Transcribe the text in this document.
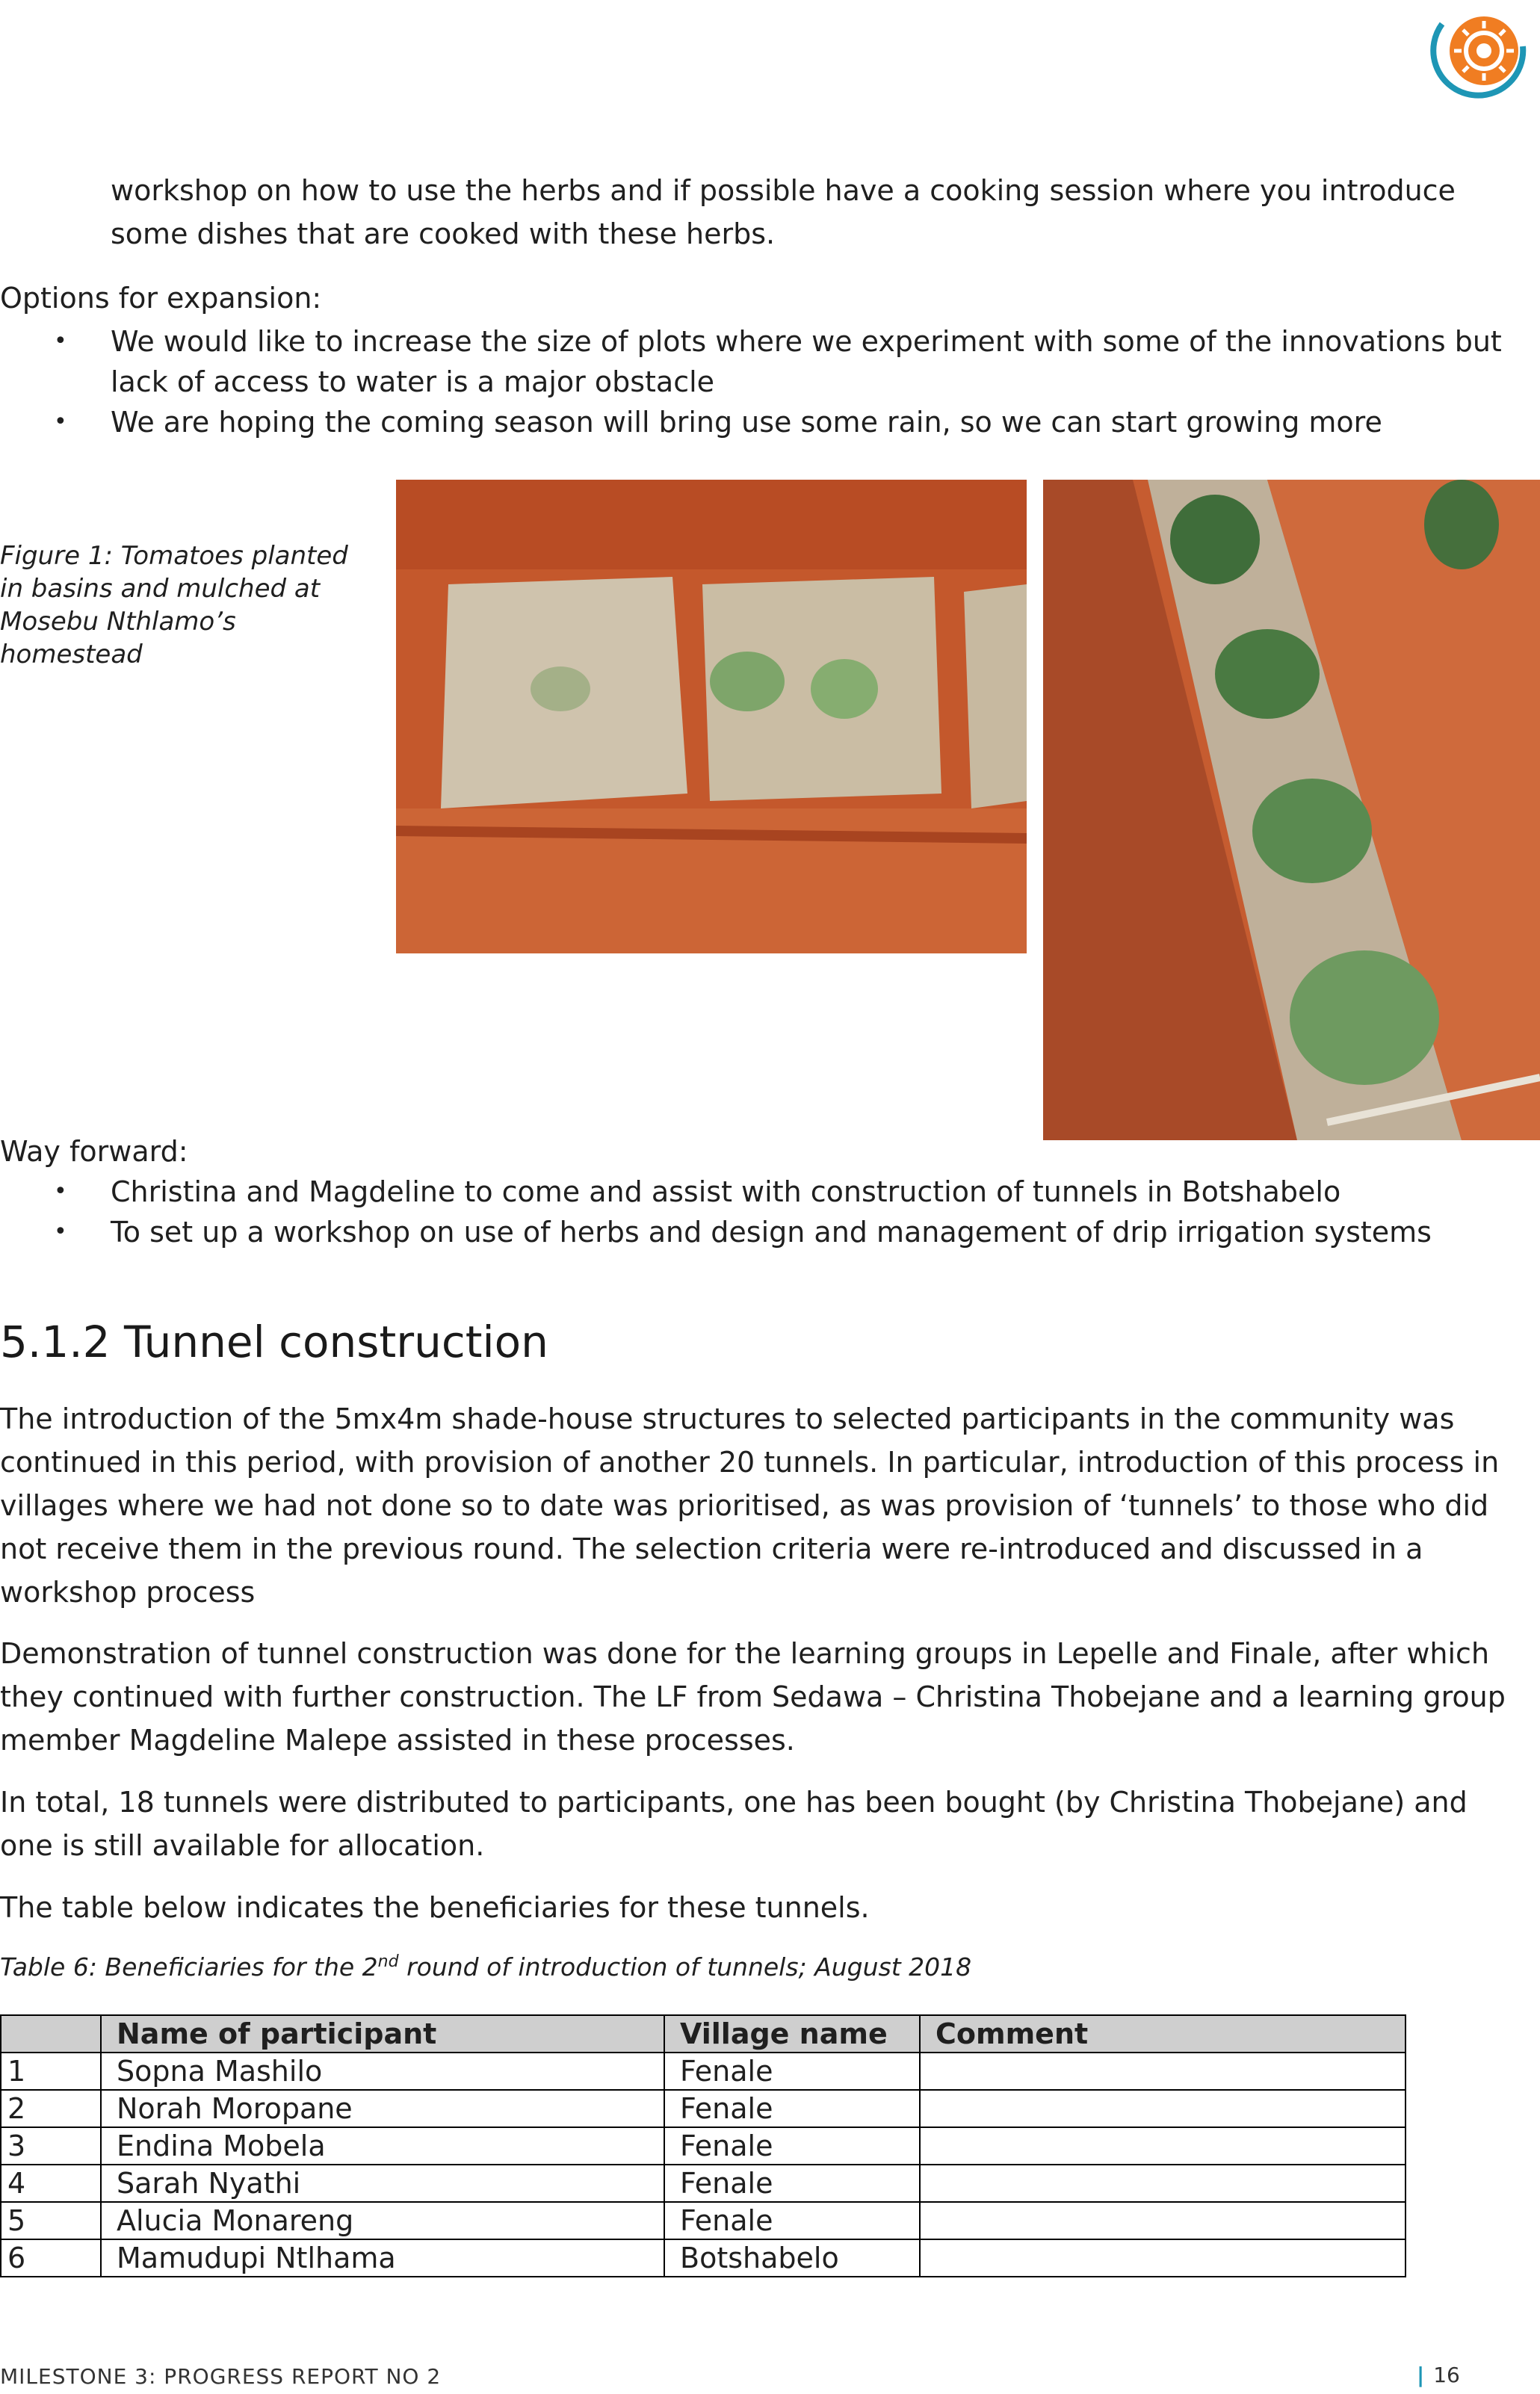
workshop on how to use the herbs and if possible have a cooking session where you introduce some dishes that are cooked with these herbs.
Options for expansion:
• We would like to increase the size of plots where we experiment with some of the innovations but lack of access to water is a major obstacle
• We are hoping the coming season will bring use some rain, so we can start growing more
Figure 1: Tomatoes planted in basins and mulched at Mosebu Nthlamo’s homestead
Way forward:
• Christina and Magdeline to come and assist with construction of tunnels in Botshabelo
• To set up a workshop on use of herbs and design and management of drip irrigation systems
5.1.2 Tunnel construction
The introduction of the 5mx4m shade-house structures to selected participants in the community was continued in this period, with provision of another 20 tunnels. In particular, introduction of this process in villages where we had not done so to date was prioritised, as was provision of ‘tunnels’ to those who did not receive them in the previous round. The selection criteria were re-introduced and discussed in a workshop process
Demonstration of tunnel construction was done for the learning groups in Lepelle and Finale, after which they continued with further construction. The LF from Sedawa – Christina Thobejane and a learning group member Magdeline Malepe assisted in these processes.
In total, 18 tunnels were distributed to participants, one has been bought (by Christina Thobejane) and one is still available for allocation.
The table below indicates the beneficiaries for these tunnels.
Table 6: Beneficiaries for the 2nd round of introduction of tunnels; August 2018
	Name of participant	Village name	Comment
1	Sopna Mashilo	Fenale	
2	Norah Moropane	Fenale	
3	Endina Mobela	Fenale	
4	Sarah Nyathi	Fenale	
5	Alucia Monareng	Fenale	
6	Mamudupi Ntlhama	Botshabelo	
MILESTONE 3: PROGRESS REPORT NO 2	| 16
